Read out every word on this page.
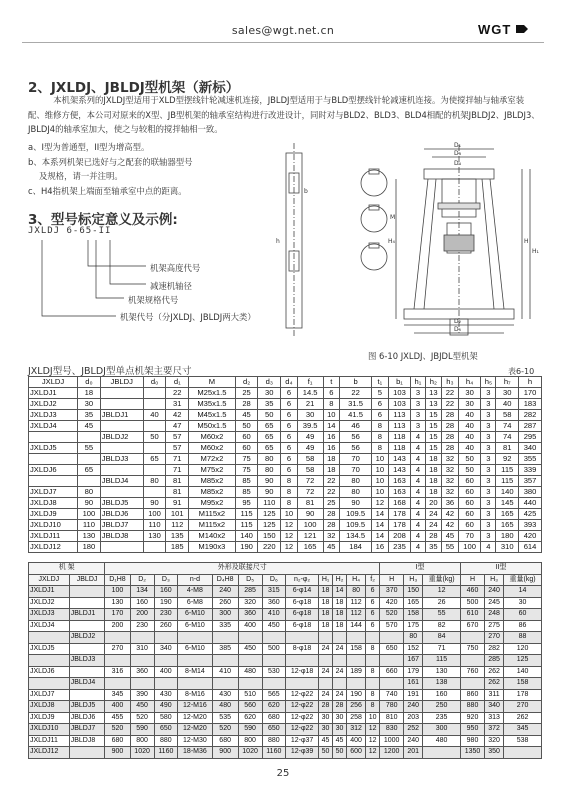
sales@wgt.net.cn	WGT
2、JXLDJ、JBLDJ型机架（新标）
本机架系列的JXLDJ型适用于XLD型摆线针轮减速机连接，JBLDJ型适用于与BLD型摆线针轮减速机连接。为使搅拌轴与轴承室装配、维修方便，本公司对原来的X型、JB型机架的轴承室结构进行改进设计，同时对与BLD2、BLD3、BLD4相配的机架JBLDJ2、JBLDJ3、JBLDJ4的轴承室加大，使之与较粗的搅拌轴相一致。
a、I型为普通型，II型为增高型。
b、本系列机架已选好与之配套的联轴器型号
及规格，请一并注明。
c、H4指机架上端面至轴承室中点的距离。
3、型号标定意义及示例:
JXLDJ 6-65-II
机架高度代号
减速机轴径
机架规格代号
机架代号（分JXLDJ、JBLDJ两大类）
D₁
D₃
D₄
D₂
D₅
H
H₁
H₄
M
h
b
图 6-10 JXLDJ、JBJDL型机架
JXLDJ型号、JBLDJ型单点机架主要尺寸	表6-10
JXLDJ	d₀	JBLDJ	d₀	d₁	M	d₂	d₃	d₄	f₁	t	b	t₁	b₁	h₁	h₂	h₃	h₄	h₅	h₇	h
JXLDJ1	18			22	M25x1.5	25	30	6	14.5	6	22	5	103	3	13	22	30	3	30	170
JXLDJ2	30			31	M35x1.5	28	35	6	21	8	31.5	6	103	3	13	22	30	3	40	183
JXLDJ3	35	JBLDJ1	40	42	M45x1.5	45	50	6	30	10	41.5	6	113	3	15	28	40	3	58	282
JXLDJ4	45			47	M50x1.5	50	65	6	39.5	14	46	8	113	3	15	28	40	3	74	287
		JBLDJ2	50	57	M60x2	60	65	6	49	16	56	8	118	4	15	28	40	3	74	295
JXLDJ5	55			57	M60x2	60	65	6	49	16	56	8	118	4	15	28	40	3	81	340
		JBLDJ3	65	71	M72x2	75	80	6	58	18	70	10	143	4	18	32	50	3	92	355
JXLDJ6	65			71	M75x2	75	80	6	58	18	70	10	143	4	18	32	50	3	115	339
		JBLDJ4	80	81	M85x2	85	90	8	72	22	80	10	163	4	18	32	60	3	115	357
JXLDJ7	80			81	M85x2	85	90	8	72	22	80	10	163	4	18	32	60	3	140	380
JXLDJ8	90	JBLDJ5	90	91	M95x2	95	110	8	81	25	90	12	168	4	20	36	60	3	145	440
JXLDJ9	100	JBLDJ6	100	101	M115x2	115	125	10	90	28	109.5	14	178	4	24	42	60	3	165	425
JXLDJ10	110	JBLDJ7	110	112	M115x2	115	125	12	100	28	109.5	14	178	4	24	42	60	3	165	393
JXLDJ11	130	JBLDJ8	130	135	M140x2	140	150	12	121	32	134.5	14	208	4	28	45	70	3	180	420
JXLDJ12	180			185	M190x3	190	220	12	165	45	184	16	235	4	35	55	100	4	310	614
机 架		外形及联接尺寸												I型			II型		
JXLDJ	JBLDJ	D₁H8	D₂	D₃	n-d	D₄H8	D₅	D₆	n₂-φ₂	H₁	H₂	H₄	f₂	H	H₃	重量(kg)	H	H₃	重量(kg)
JXLDJ1		100	134	160	4-M8	240	285	315	6-φ14	18	14	80	6	370	150	12	460	240	14
JXLDJ2		130	160	190	6-M8	260	320	360	6-φ18	18	18	112	6	420	165	26	500	245	30
JXLDJ3	JBLDJ1	170	200	230	6-M10	300	360	410	6-φ18	18	18	112	6	520	158	55	610	248	60
JXLDJ4		200	230	260	6-M10	335	400	450	6-φ18	18	18	144	6	570	175	82	670	275	86
	JBLDJ2														80	84		270	88
JXLDJ5		270	310	340	6-M10	385	450	500	8-φ18	24	24	158	8	650	152	71	750	282	120
	JBLDJ3														167	115		285	125
JXLDJ6		316	360	400	8-M14	410	480	530	12-φ18	24	24	189	8	660	179	130	760	262	140
	JBLDJ4														161	138		262	158
JXLDJ7		345	390	430	8-M16	430	510	565	12-φ22	24	24	190	8	740	191	160	860	311	178
JXLDJ8	JBLDJ5	400	450	490	12-M16	480	560	620	12-φ22	28	28	256	8	780	240	250	880	340	270
JXLDJ9	JBLDJ6	455	520	580	12-M20	535	620	680	12-φ22	30	30	258	10	810	203	235	920	313	262
JXLDJ10	JBLDJ7	520	590	650	12-M20	520	590	650	12-φ22	30	30	312	12	830	252	300	950	372	345
JXLDJ11	JBLDJ8	680	800	880	12-M30	680	800	880	12-φ37	45	45	400	12	1000	240	480	980	320	538
JXLDJ12		900	1020	1160	18-M36	900	1020	1160	12-φ39	50	50	600	12	1200	201		1350	350	
25
